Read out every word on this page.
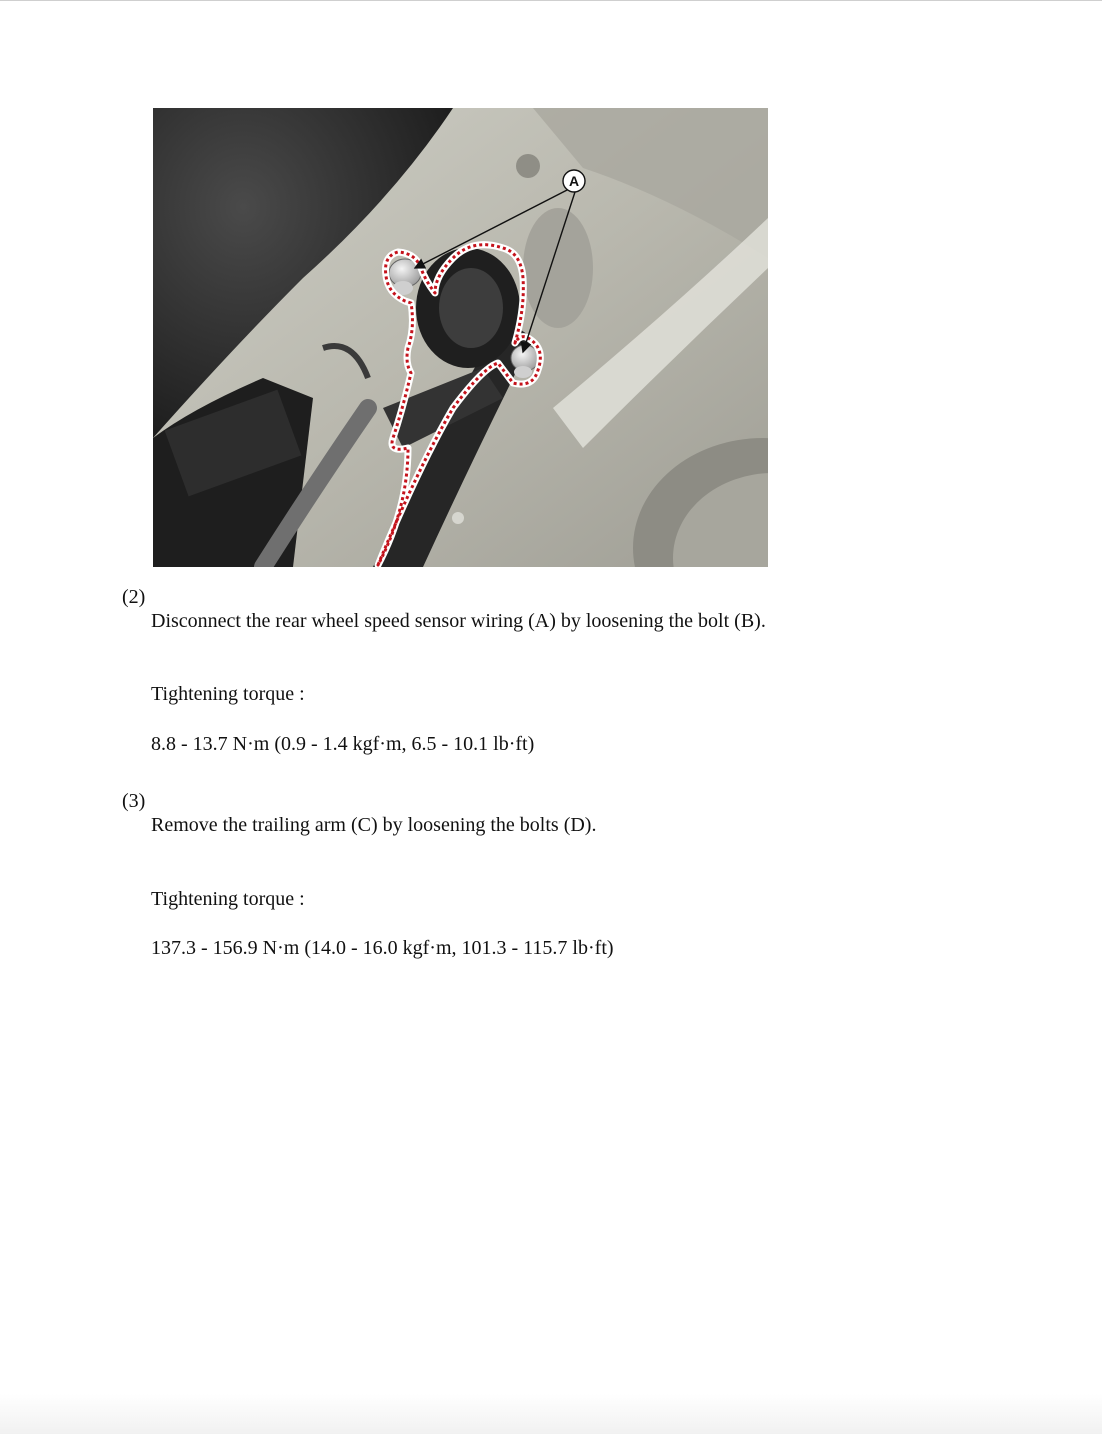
A
(2)
Disconnect the rear wheel speed sensor wiring (A) by loosening the bolt (B).
Tightening torque :
8.8 - 13.7 N·m (0.9 - 1.4 kgf·m, 6.5 - 10.1 lb·ft)
(3)
Remove the trailing arm (C) by loosening the bolts (D).
Tightening torque :
137.3 - 156.9 N·m (14.0 - 16.0 kgf·m, 101.3 - 115.7 lb·ft)
